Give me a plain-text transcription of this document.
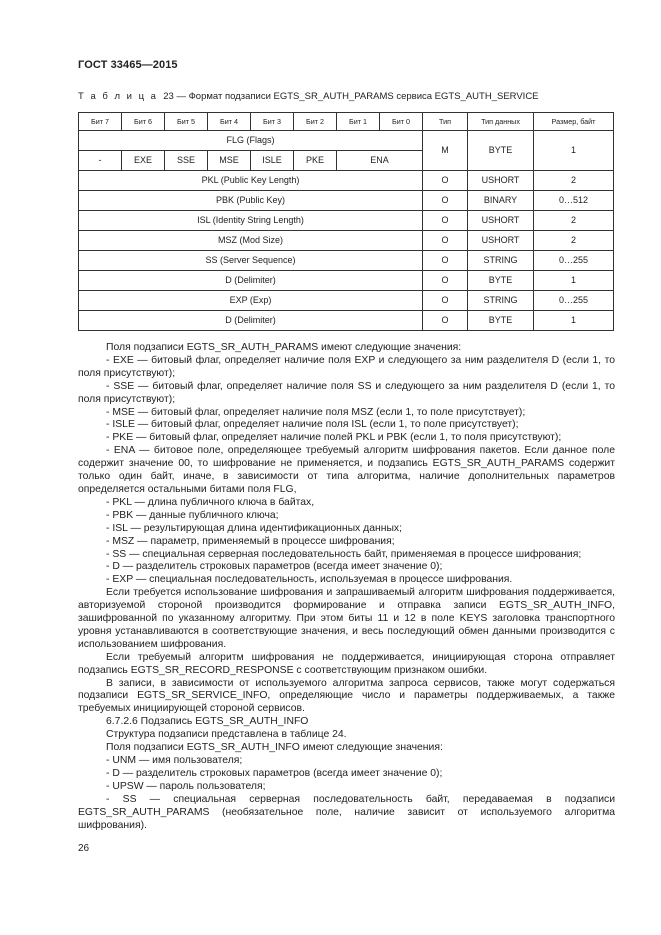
ГОСТ 33465—2015
Т а б л и ц а 23 — Формат подзаписи EGTS_SR_AUTH_PARAMS сервиса EGTS_AUTH_SERVICE
Бит 7	Бит 6	Бит 5	Бит 4	Бит 3	Бит 2	Бит 1	Бит 0	Тип	Тип данных	Размер, байт
FLG (Flags)								M	BYTE	1
-	EXE	SSE	MSE	ISLE	PKE	ENA				
PKL (Public Key Length)								O	USHORT	2
PBK (Public Key)								O	BINARY	0…512
ISL (Identity String Length)								O	USHORT	2
MSZ (Mod Size)								O	USHORT	2
SS (Server Sequence)								O	STRING	0…255
D (Delimiter)								O	BYTE	1
EXP (Exp)								O	STRING	0…255
D (Delimiter)								O	BYTE	1

Поля подзаписи EGTS_SR_AUTH_PARAMS имеют следующие значения:

- EXE — битовый флаг, определяет наличие поля EXP и следующего за ним разделителя D (если 1, то поля присутствуют);

- SSE — битовый флаг, определяет наличие поля SS и следующего за ним разделителя D (если 1, то поля присутствуют);

- MSE — битовый флаг, определяет наличие поля MSZ (если 1, то поле присутствует);

- ISLE — битовый флаг, определяет наличие поля ISL (если 1, то поле присутствует);

- PKE — битовый флаг, определяет наличие полей PKL и PBK (если 1, то поля присутствуют);

- ENA — битовое поле, определяющее требуемый алгоритм шифрования пакетов. Если данное поле содержит значение 00, то шифрование не применяется, и подзапись EGTS_SR_AUTH_PARAMS содержит только один байт, иначе, в зависимости от типа алгоритма, наличие дополнительных параметров определяется остальными битами поля FLG,

- PKL — длина публичного ключа в байтах,

- PBK — данные публичного ключа;

- ISL — результирующая длина идентификационных данных;

- MSZ — параметр, применяемый в процессе шифрования;

- SS — специальная серверная последовательность байт, применяемая в процессе шифрования;

- D — разделитель строковых параметров (всегда имеет значение 0);

- EXP — специальная последовательность, используемая в процессе шифрования.

Если требуется использование шифрования и запрашиваемый алгоритм шифрования поддерживается, авторизуемой стороной производится формирование и отправка записи EGTS_SR_AUTH_INFO, зашифрованной по указанному алгоритму. При этом биты 11 и 12 в поле KEYS заголовка транспортного уровня устанавливаются в соответствующие значения, и весь последующий обмен данными производится с использованием шифрования.

Если требуемый алгоритм шифрования не поддерживается, инициирующая сторона отправляет подзапись EGTS_SR_RECORD_RESPONSE с соответствующим признаком ошибки.

В записи, в зависимости от используемого алгоритма запроса сервисов, также могут содержаться подзаписи EGTS_SR_SERVICE_INFO, определяющие число и параметры поддерживаемых, а также требуемых инициирующей стороной сервисов.

6.7.2.6 Подзапись EGTS_SR_AUTH_INFO

Структура подзаписи представлена в таблице 24.

Поля подзаписи EGTS_SR_AUTH_INFO имеют следующие значения:

- UNM — имя пользователя;

- D — разделитель строковых параметров (всегда имеет значение 0);

- UPSW — пароль пользователя;

- SS — специальная серверная последовательность байт, передаваемая в подзаписи EGTS_SR_AUTH_PARAMS (необязательное поле, наличие зависит от используемого алгоритма шифрования).

26
